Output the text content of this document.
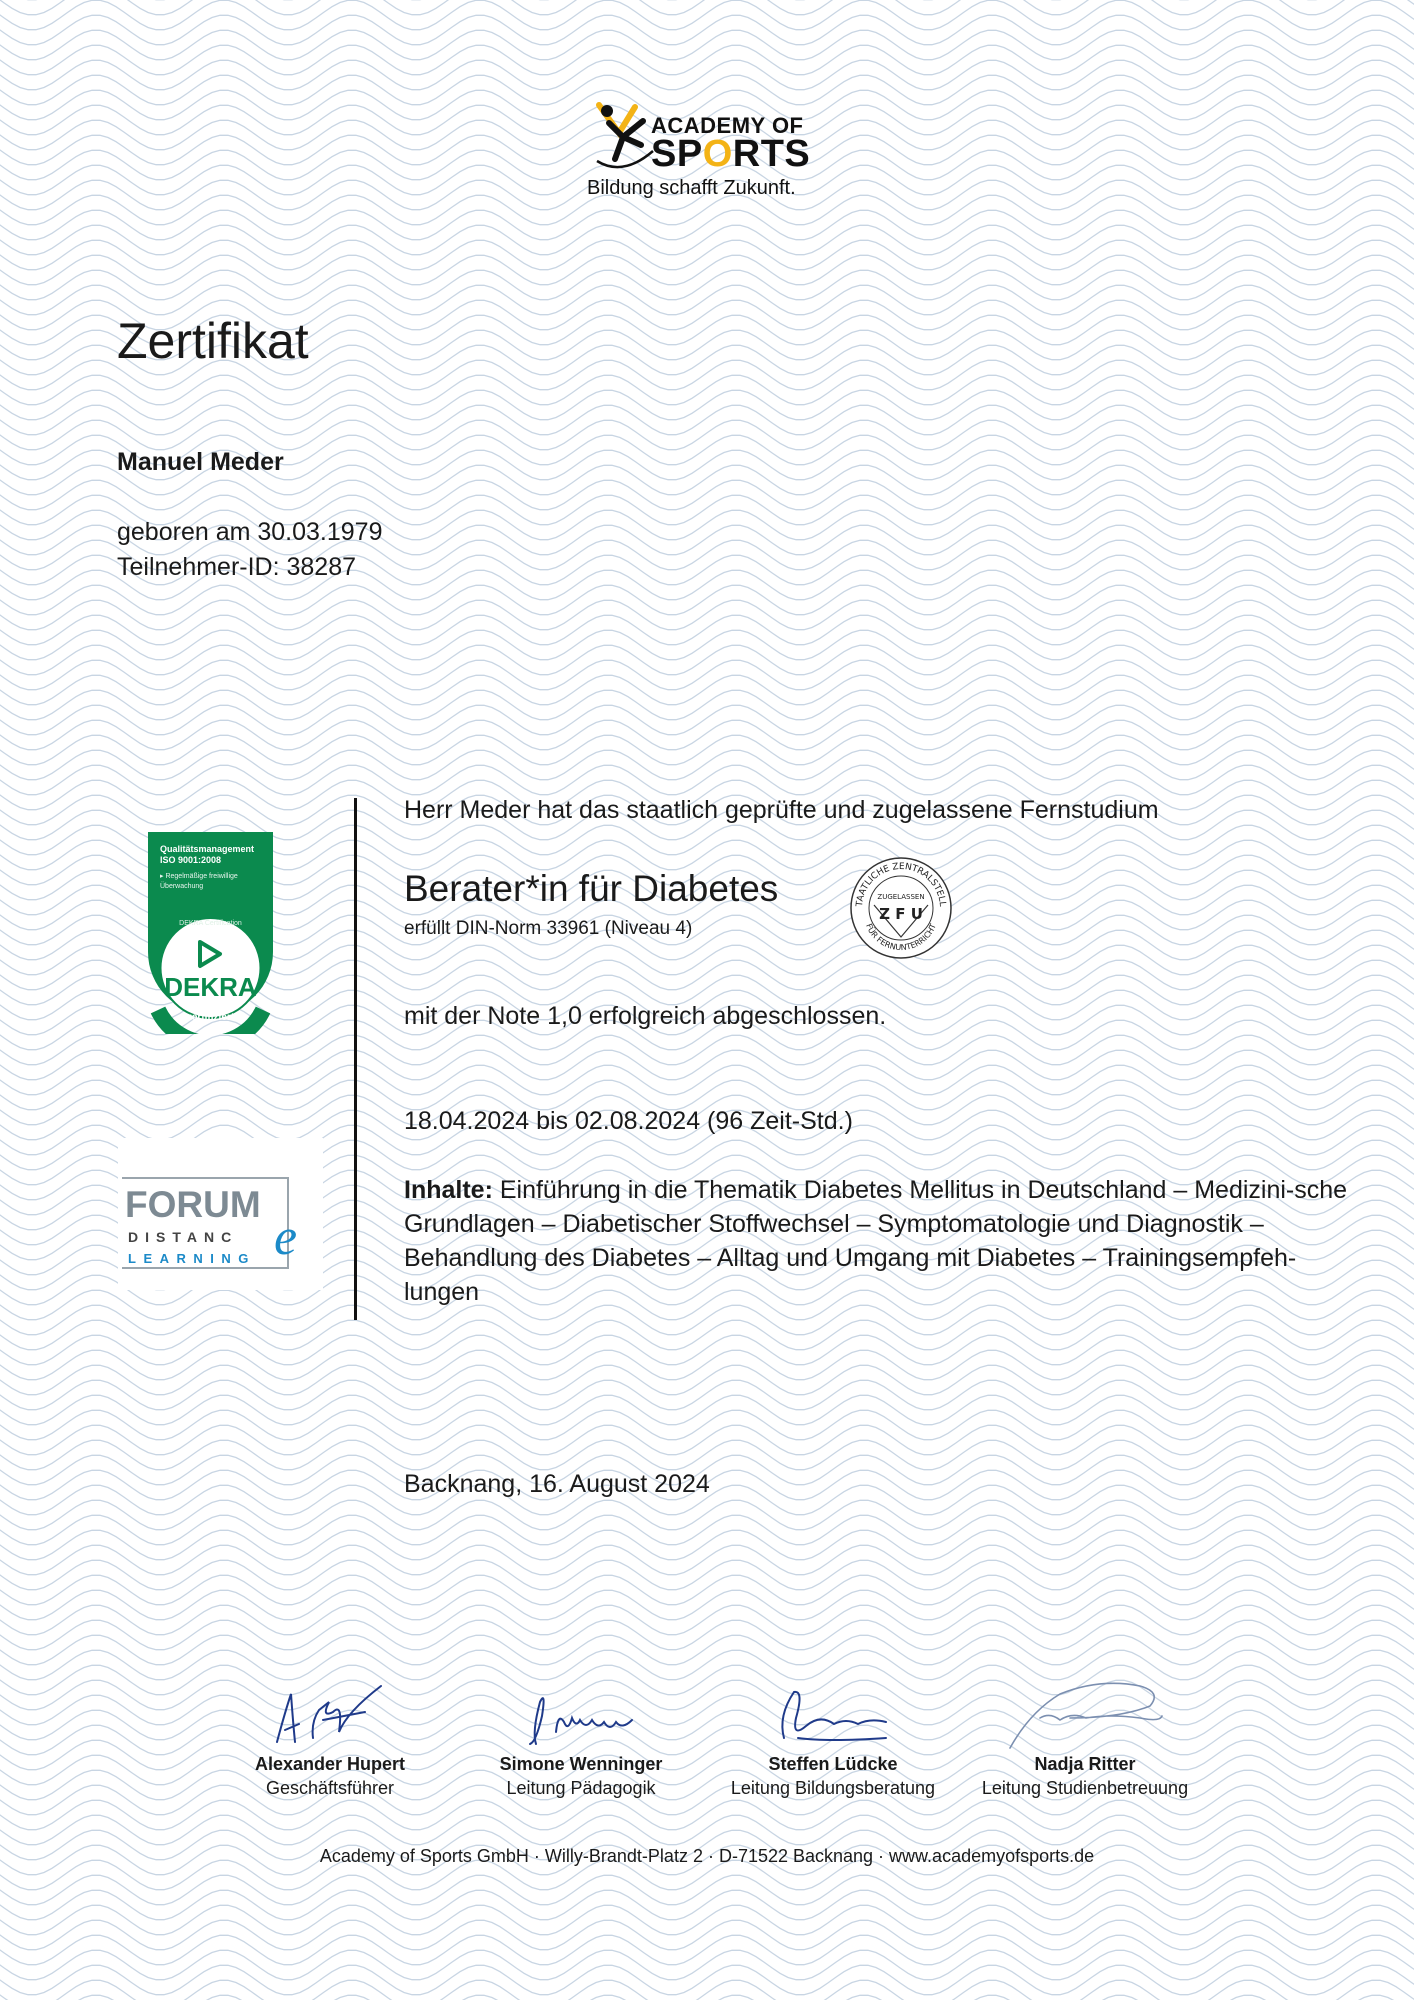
ACADEMY OF
SPORTS
Bildung schafft Zukunft.
Zertifikat
Manuel Meder
geboren am 30.03.1979
Teilnehmer-ID: 38287
Qualitätsmanagement
ISO 9001:2008
▸ Regelmäßige freiwillige
Überwachung
DEKRA Certification
DEKRA
zertifiziert
FORUM
DISTANC e
LEARNING
TAATLICHE ZENTRALSTELL
FÜR FERNUNTERRICHT
ZUGELASSEN
Z F U
Herr Meder hat das staatlich geprüfte und zugelassene Fernstudium
Berater*in für Diabetes
erfüllt DIN-Norm 33961 (Niveau 4)
mit der Note 1,0 erfolgreich abgeschlossen.
18.04.2024 bis 02.08.2024 (96 Zeit-Std.)
Inhalte: Einführung in die Thematik Diabetes Mellitus in Deutschland – Medizini-sche Grundlagen – Diabetischer Stoffwechsel – Symptomatologie und Diagnostik – Behandlung des Diabetes – Alltag und Umgang mit Diabetes – Trainingsempfeh-lungen
Backnang, 16. August 2024
Alexander Hupert
Geschäftsführer
Simone Wenninger
Leitung Pädagogik
Steffen Lüdcke
Leitung Bildungsberatung
Nadja Ritter
Leitung Studienbetreuung
Academy of Sports GmbH · Willy-Brandt-Platz 2 · D-71522 Backnang · www.academyofsports.de
